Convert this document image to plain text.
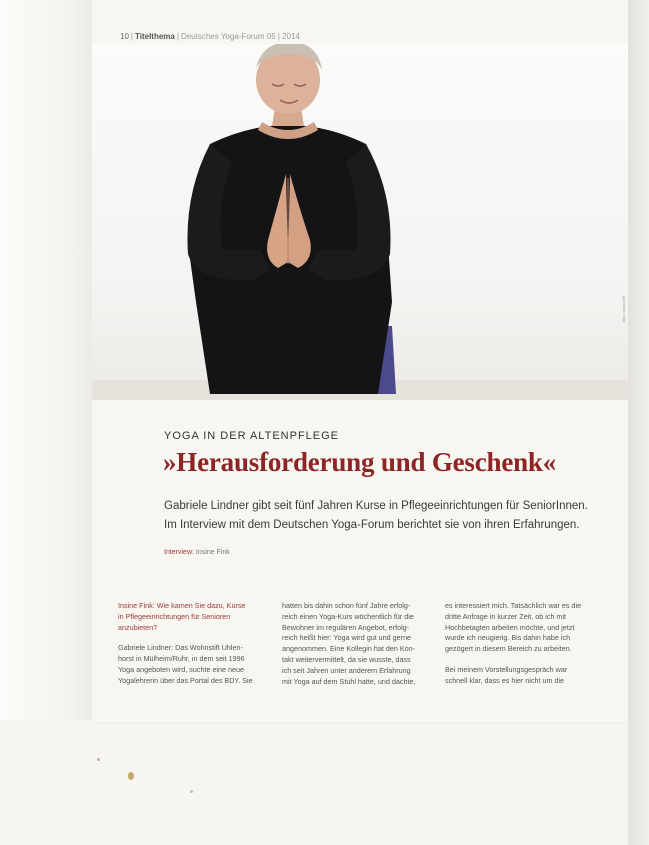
10 | Titelthema | Deutsches Yoga-Forum 05 | 2014
foto: maria heil
YOGA IN DER ALTENPFLEGE
»Herausforderung und Geschenk«

Gabriele Lindner gibt seit fünf Jahren Kurse in Pflegeeinrichtungen für SeniorInnen.

Im Interview mit dem Deutschen Yoga-Forum berichtet sie von ihren Erfahrungen.

Interview: Insine Fink

Insine Fink: Wie kamen Sie dazu, Kurse
in Pflegeeinrichtungen für Senioren
anzubieten?

Gabriele Lindner: Das Wohnstift Uhlen-
horst in Mülheim/Ruhr, in dem seit 1996
Yoga angeboten wird, suchte eine neue
Yogalehrerin über das Portal des BDY. Sie

hatten bis dahin schon fünf Jahre erfolg-
reich einen Yoga-Kurs wöchentlich für die
Bewohner im regulären Angebot, erfolg-
reich heißt hier: Yoga wird gut und gerne
angenommen. Eine Kollegin hat den Kon-
takt weitervermittelt, da sie wusste, dass
ich seit Jahren unter anderem Erfahrung
mit Yoga auf dem Stuhl hatte, und dachte,

es interessiert mich. Tatsächlich war es die
dritte Anfrage in kurzer Zeit, ob ich mit
Hochbetagten arbeiten möchte, und jetzt
wurde ich neugierig. Bis dahin habe ich
gezögert in diesem Bereich zu arbeiten.

Bei meinem Vorstellungsgespräch war
schnell klar, dass es hier nicht um die
